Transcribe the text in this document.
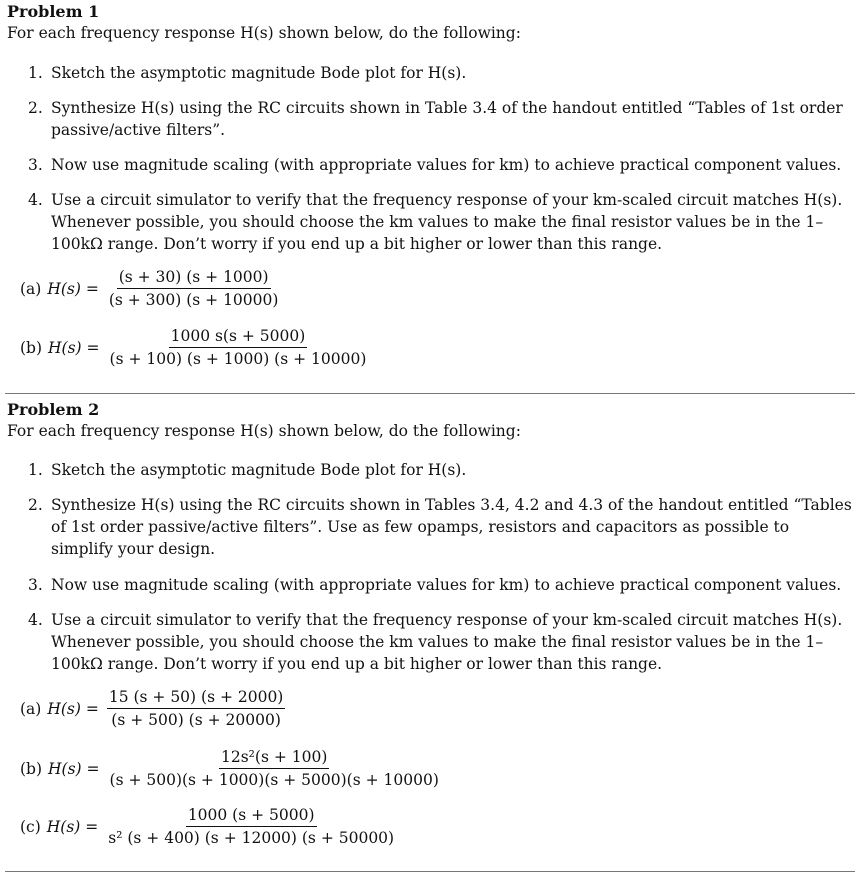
Problem 1
For each frequency response H(s) shown below, do the following:
1. Sketch the asymptotic magnitude Bode plot for H(s).
2. Synthesize H(s) using the RC circuits shown in Table 3.4 of the handout entitled “Tables of 1st order passive/active filters”.
3. Now use magnitude scaling (with appropriate values for km) to achieve practical component values.
4. Use a circuit simulator to verify that the frequency response of your km-scaled circuit matches H(s). Whenever possible, you should choose the km values to make the final resistor values be in the 1–100kΩ range. Don’t worry if you end up a bit higher or lower than this range.
(a) $H(s) = \frac{(s + 30) (s + 1000)}{(s + 300) (s + 10000)}$
(b) $H(s) = \frac{1000 s(s + 5000)}{(s + 100) (s + 1000) (s + 10000)}$
Problem 2
For each frequency response H(s) shown below, do the following:
1. Sketch the asymptotic magnitude Bode plot for H(s).
2. Synthesize H(s) using the RC circuits shown in Tables 3.4, 4.2 and 4.3 of the handout entitled “Tables of 1st order passive/active filters”. Use as few opamps, resistors and capacitors as possible to simplify your design.
3. Now use magnitude scaling (with appropriate values for km) to achieve practical component values.
4. Use a circuit simulator to verify that the frequency response of your km-scaled circuit matches H(s). Whenever possible, you should choose the km values to make the final resistor values be in the 1–100kΩ range. Don’t worry if you end up a bit higher or lower than this range.
(a) $H(s) = \frac{15 (s + 50) (s + 2000)}{(s + 500) (s + 20000)}$
(b) $H(s) = \frac{\text{12s²(s + 100)}}{(s + 500)(s + 1000)(s + 5000)(s + 10000)}$
(c) $H(s) = \frac{1000 (s + 5000)}{\text{s² (s + 400) (s + 12000) (s + 50000)}}$
